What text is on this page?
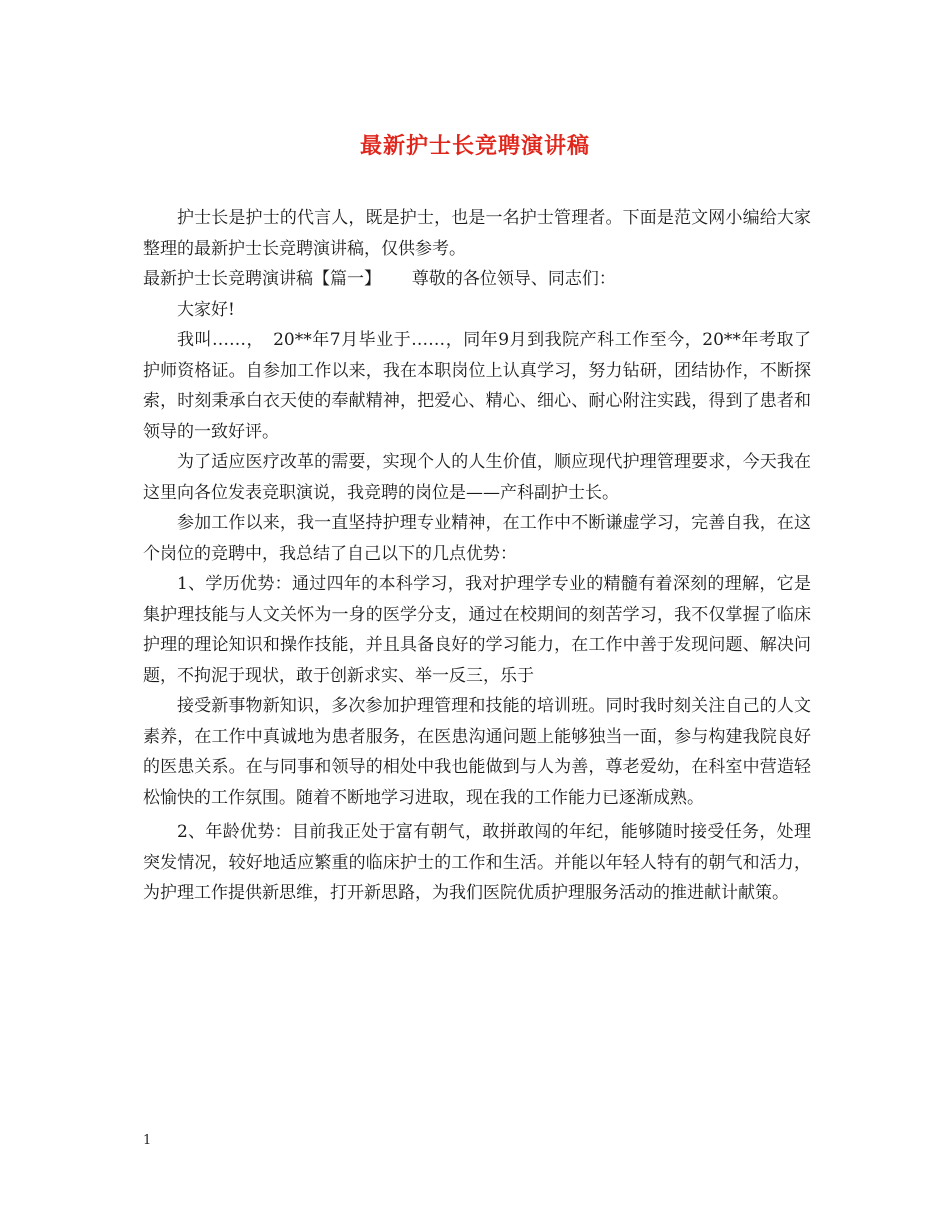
最新护士长竞聘演讲稿

护士长是护士的代言人，既是护士，也是一名护士管理者。下面是范文网小编给大家整理的最新护士长竞聘演讲稿，仅供参考。

最新护士长竞聘演讲稿【篇一】　　 尊敬的各位领导、同志们：

大家好!

我叫……，　20**年7月毕业于……，同年9月到我院产科工作至今，20**年考取了护师资格证。自参加工作以来，我在本职岗位上认真学习，努力钻研，团结协作，不断探索，时刻秉承白衣天使的奉献精神，把爱心、精心、细心、耐心附注实践，得到了患者和领导的一致好评。

为了适应医疗改革的需要，实现个人的人生价值，顺应现代护理管理要求，今天我在这里向各位发表竞职演说，我竞聘的岗位是——产科副护士长。

参加工作以来，我一直坚持护理专业精神，在工作中不断谦虚学习，完善自我，在这个岗位的竞聘中，我总结了自己以下的几点优势：

1、学历优势：通过四年的本科学习，我对护理学专业的精髓有着深刻的理解，它是集护理技能与人文关怀为一身的医学分支，通过在校期间的刻苦学习，我不仅掌握了临床护理的理论知识和操作技能，并且具备良好的学习能力，在工作中善于发现问题、解决问题，不拘泥于现状，敢于创新求实、举一反三，乐于

接受新事物新知识，多次参加护理管理和技能的培训班。同时我时刻关注自己的人文素养，在工作中真诚地为患者服务，在医患沟通问题上能够独当一面，参与构建我院良好的医患关系。在与同事和领导的相处中我也能做到与人为善，尊老爱幼，在科室中营造轻松愉快的工作氛围。随着不断地学习进取，现在我的工作能力已逐渐成熟。

2、年龄优势：目前我正处于富有朝气，敢拼敢闯的年纪，能够随时接受任务，处理突发情况，较好地适应繁重的临床护士的工作和生活。并能以年轻人特有的朝气和活力，为护理工作提供新思维，打开新思路，为我们医院优质护理服务活动的推进献计献策。

1
